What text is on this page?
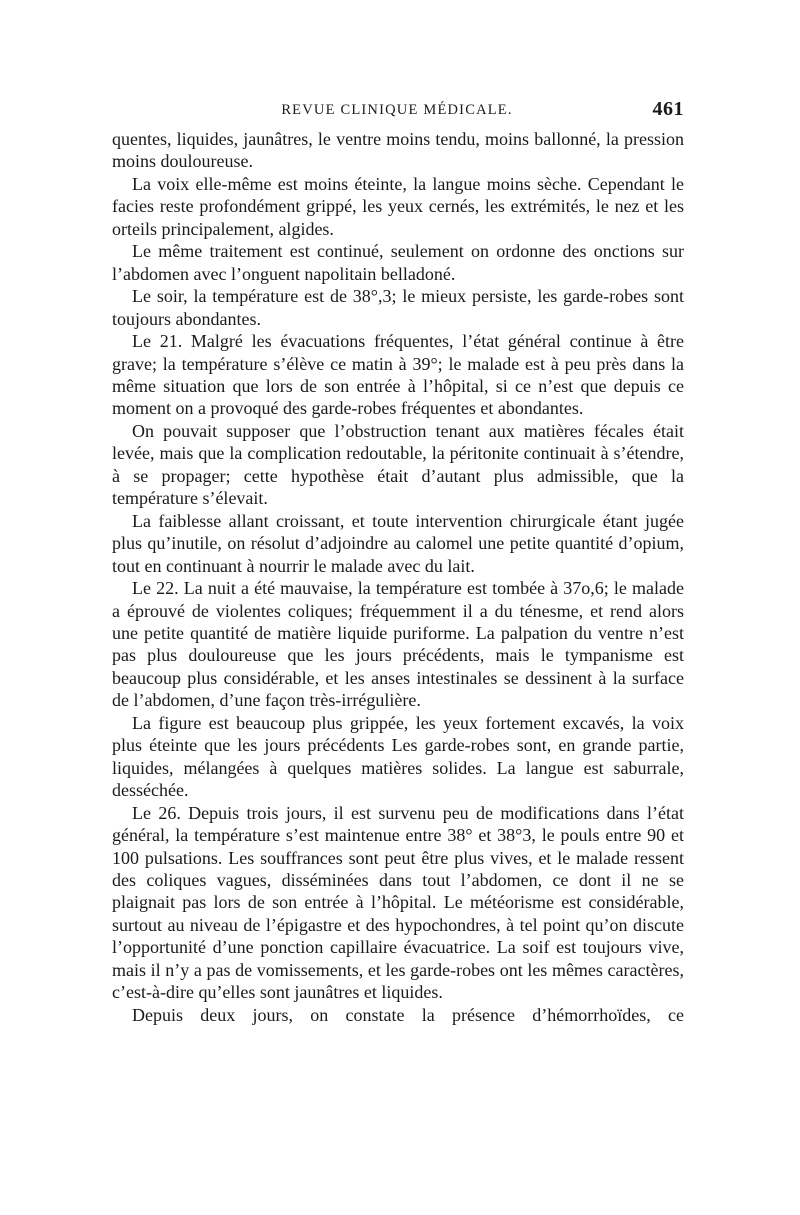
REVUE CLINIQUE MÉDICALE.	461

quentes, liquides, jaunâtres, le ventre moins tendu, moins ballonné, la pression moins douloureuse.

La voix elle-même est moins éteinte, la langue moins sèche. Cependant le facies reste profondément grippé, les yeux cernés, les extrémités, le nez et les orteils principalement, algides.

Le même traitement est continué, seulement on ordonne des onctions sur l’abdomen avec l’onguent napolitain belladoné.

Le soir, la température est de 38°,3; le mieux persiste, les garde-robes sont toujours abondantes.

Le 21. Malgré les évacuations fréquentes, l’état général continue à être grave; la température s’élève ce matin à 39°; le malade est à peu près dans la même situation que lors de son entrée à l’hôpital, si ce n’est que depuis ce moment on a provoqué des garde-robes fréquentes et abondantes.

On pouvait supposer que l’obstruction tenant aux matières fécales était levée, mais que la complication redoutable, la péritonite continuait à s’étendre, à se propager; cette hypothèse était d’autant plus admissible, que la température s’élevait.

La faiblesse allant croissant, et toute intervention chirurgicale étant jugée plus qu’inutile, on résolut d’adjoindre au calomel une petite quantité d’opium, tout en continuant à nourrir le malade avec du lait.

Le 22. La nuit a été mauvaise, la température est tombée à 37o,6; le malade a éprouvé de violentes coliques; fréquemment il a du ténesme, et rend alors une petite quantité de matière liquide puriforme. La palpation du ventre n’est pas plus douloureuse que les jours précédents, mais le tympanisme est beaucoup plus considérable, et les anses intestinales se dessinent à la surface de l’abdomen, d’une façon très-irrégulière.

La figure est beaucoup plus grippée, les yeux fortement excavés, la voix plus éteinte que les jours précédents Les garde-robes sont, en grande partie, liquides, mélangées à quelques matières solides. La langue est saburrale, desséchée.

Le 26. Depuis trois jours, il est survenu peu de modifications dans l’état général, la température s’est maintenue entre 38° et 38°3, le pouls entre 90 et 100 pulsations. Les souffrances sont peut être plus vives, et le malade ressent des coliques vagues, disséminées dans tout l’abdomen, ce dont il ne se plaignait pas lors de son entrée à l’hôpital. Le météorisme est considérable, surtout au niveau de l’épigastre et des hypochondres, à tel point qu’on discute l’opportunité d’une ponction capillaire évacuatrice. La soif est toujours vive, mais il n’y a pas de vomissements, et les garde-robes ont les mêmes caractères, c’est-à-dire qu’elles sont jaunâtres et liquides.

Depuis deux jours, on constate la présence d’hémorrhoïdes, ce
